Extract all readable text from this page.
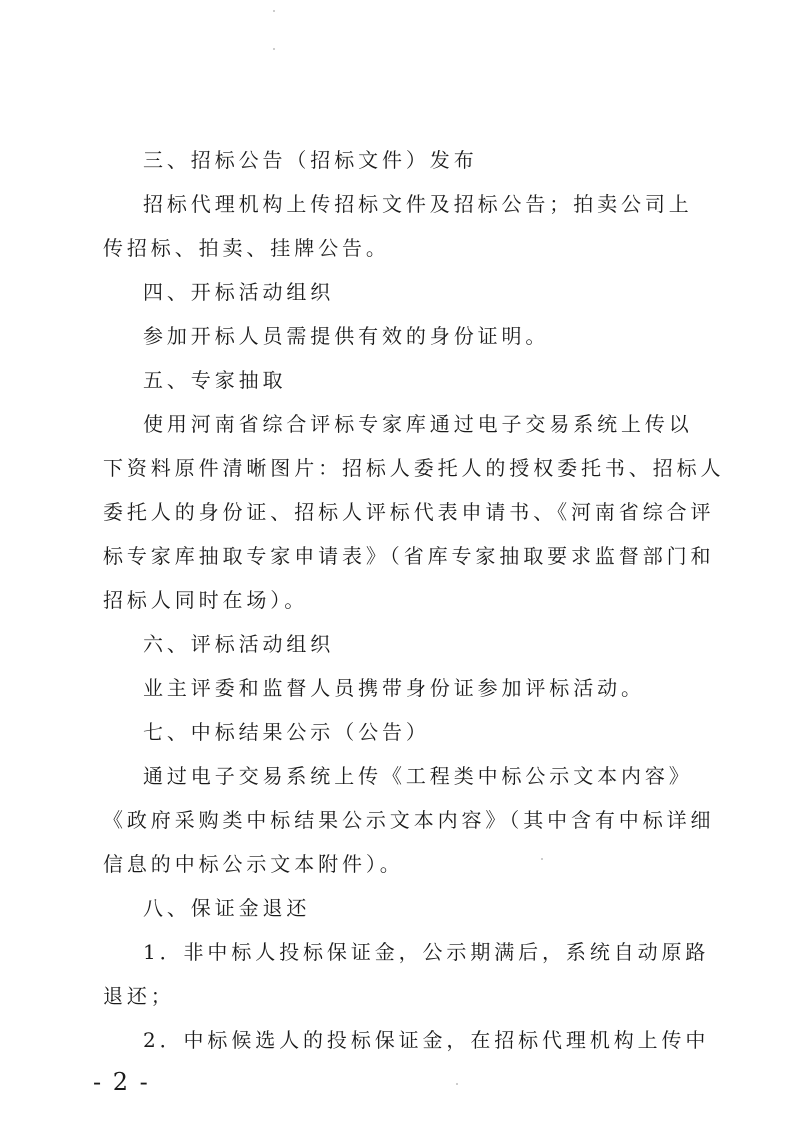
三、招标公告（招标文件）发布
招标代理机构上传招标文件及招标公告；拍卖公司上
传招标、拍卖、挂牌公告。
四、开标活动组织
参加开标人员需提供有效的身份证明。
五、专家抽取
使用河南省综合评标专家库通过电子交易系统上传以
下资料原件清晰图片：招标人委托人的授权委托书、招标人
委托人的身份证、招标人评标代表申请书、《河南省综合评
标专家库抽取专家申请表》（省库专家抽取要求监督部门和
招标人同时在场）。
六、评标活动组织
业主评委和监督人员携带身份证参加评标活动。
七、中标结果公示（公告）
通过电子交易系统上传《工程类中标公示文本内容》
《政府采购类中标结果公示文本内容》（其中含有中标详细
信息的中标公示文本附件）。
八、保证金退还
1．非中标人投标保证金，公示期满后，系统自动原路
退还；
2．中标候选人的投标保证金，在招标代理机构上传中
- 2 -
